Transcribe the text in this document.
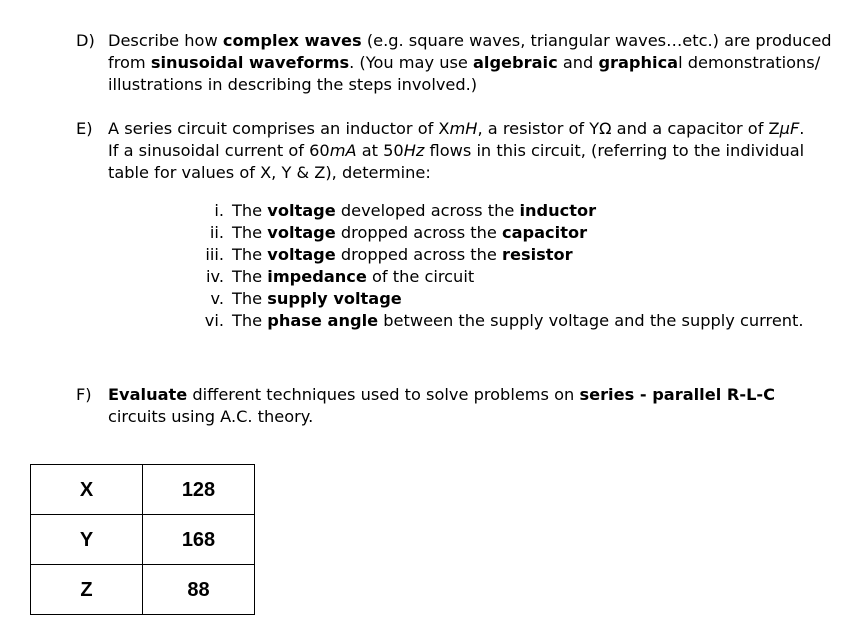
D) Describe how complex waves (e.g. square waves, triangular waves…etc.) are produced from sinusoidal waveforms. (You may use algebraic and graphical demonstrations/ illustrations in describing the steps involved.)
E) A series circuit comprises an inductor of XmH, a resistor of YΩ and a capacitor of ZμF.
If a sinusoidal current of 60mA at 50Hz flows in this circuit, (referring to the individual table for values of X, Y & Z), determine:
i. The voltage developed across the inductor
ii. The voltage dropped across the capacitor
iii. The voltage dropped across the resistor
iv. The impedance of the circuit
v. The supply voltage
vi. The phase angle between the supply voltage and the supply current.
F)	Evaluate different techniques used to solve problems on series - parallel R-L-C circuits using A.C. theory.
X	128
Y	168
Z	88
